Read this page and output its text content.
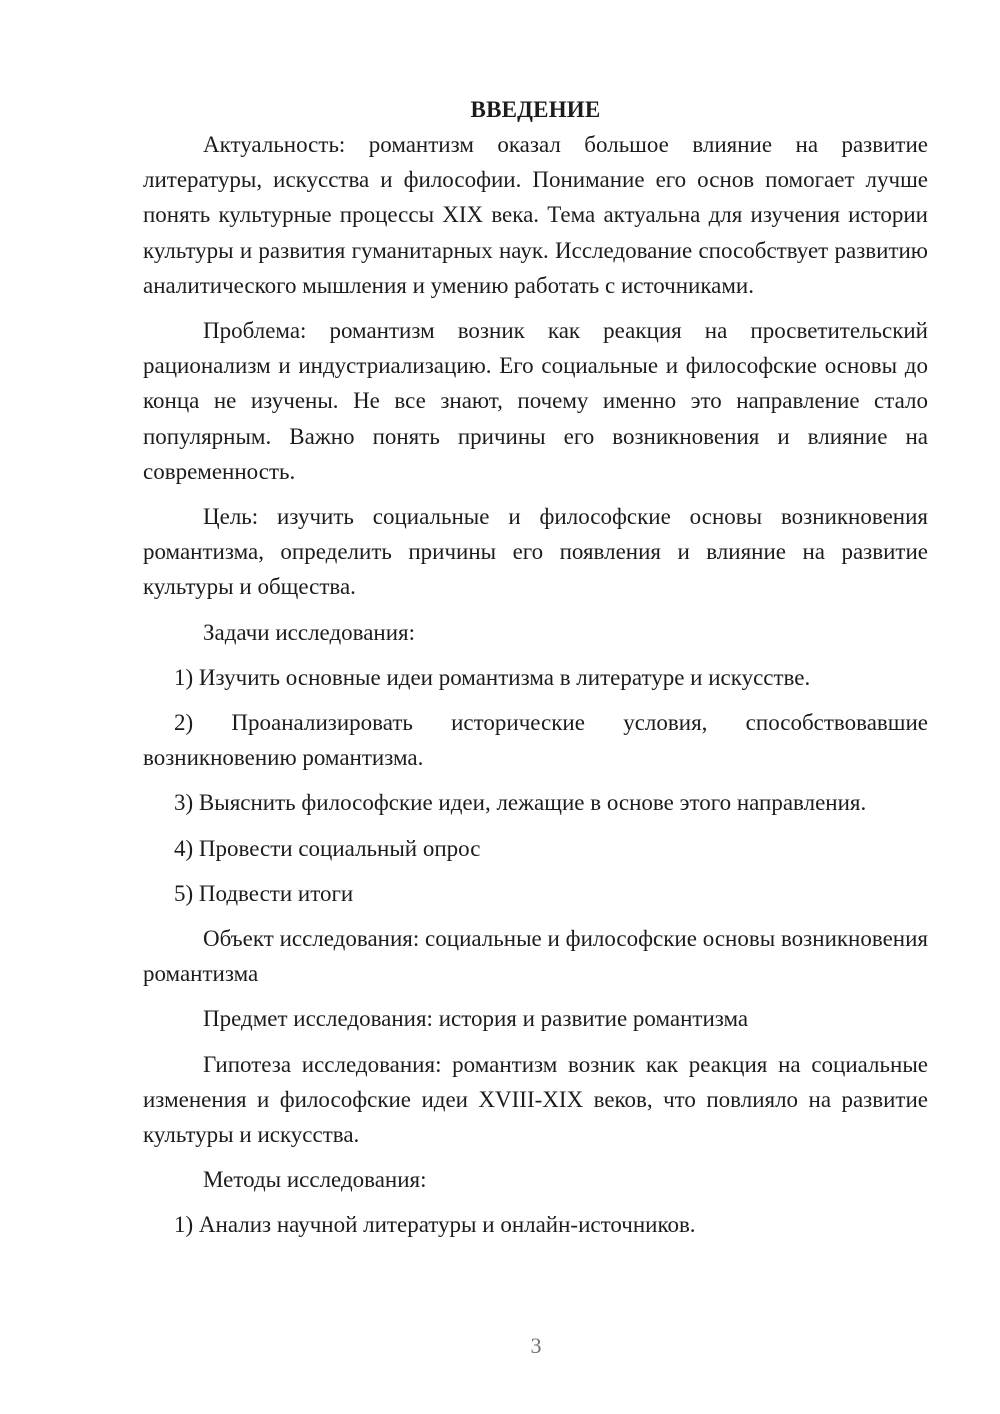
ВВЕДЕНИЕ

Актуальность: романтизм оказал большое влияние на развитие литературы, искусства и философии. Понимание его основ помогает лучше понять культурные процессы XIX века. Тема актуальна для изучения истории культуры и развития гуманитарных наук. Исследование способствует развитию аналитического мышления и умению работать с источниками.

Проблема: романтизм возник как реакция на просветительский рационализм и индустриализацию. Его социальные и философские основы до конца не изучены. Не все знают, почему именно это направление стало популярным. Важно понять причины его возникновения и влияние на современность.

Цель: изучить социальные и философские основы возникновения романтизма, определить причины его появления и влияние на развитие культуры и общества.

Задачи исследования:

1) Изучить основные идеи романтизма в литературе и искусстве.

2) Проанализировать исторические условия, способствовавшие возникновению романтизма.

3) Выяснить философские идеи, лежащие в основе этого направления.

4) Провести социальный опрос

5) Подвести итоги

Объект исследования: социальные и философские основы возникновения романтизма

Предмет исследования: история и развитие романтизма

Гипотеза исследования: романтизм возник как реакция на социальные изменения и философские идеи XVIII-XIX веков, что повлияло на развитие культуры и искусства.

Методы исследования:

1) Анализ научной литературы и онлайн-источников.

3
